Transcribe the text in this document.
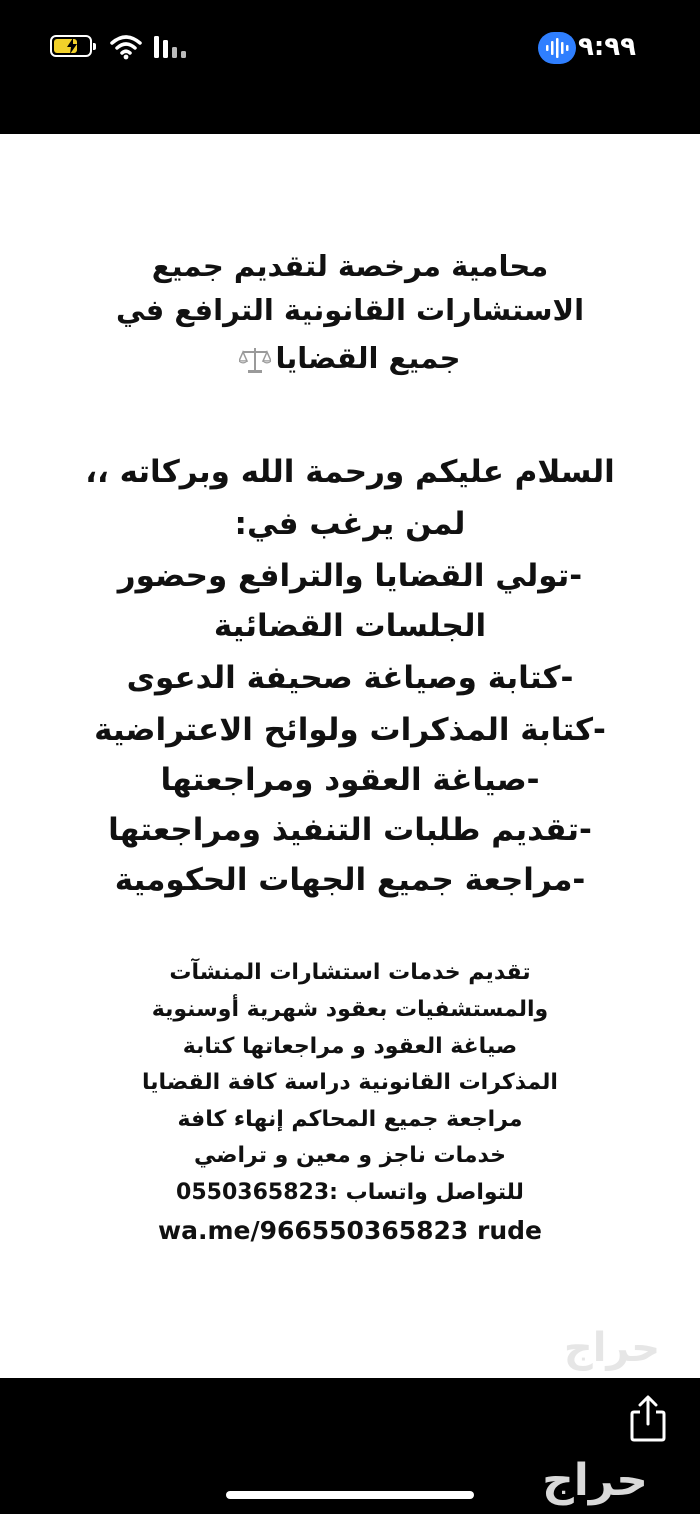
٩:٩٩

محامية مرخصة لتقديم جميع

الاستشارات القانونية الترافع في

جميع القضايا

السلام عليكم ورحمة الله وبركاته ،،

لمن يرغب في:

-تولي القضايا والترافع وحضور

الجلسات القضائية

-كتابة وصياغة صحيفة الدعوى

-كتابة المذكرات ولوائح الاعتراضية

-صياغة العقود ومراجعتها

-تقديم طلبات التنفيذ ومراجعتها

-مراجعة جميع الجهات الحكومية

تقديم خدمات استشارات المنشآت

والمستشفيات بعقود شهرية أوسنوية

صياغة العقود و مراجعاتها كتابة

المذكرات القانونية دراسة كافة القضايا

مراجعة جميع المحاكم إنهاء كافة

خدمات ناجز و معين و تراضي

للتواصل واتساب :0550365823

wa.me/966550365823 rude

حراج
حراج
